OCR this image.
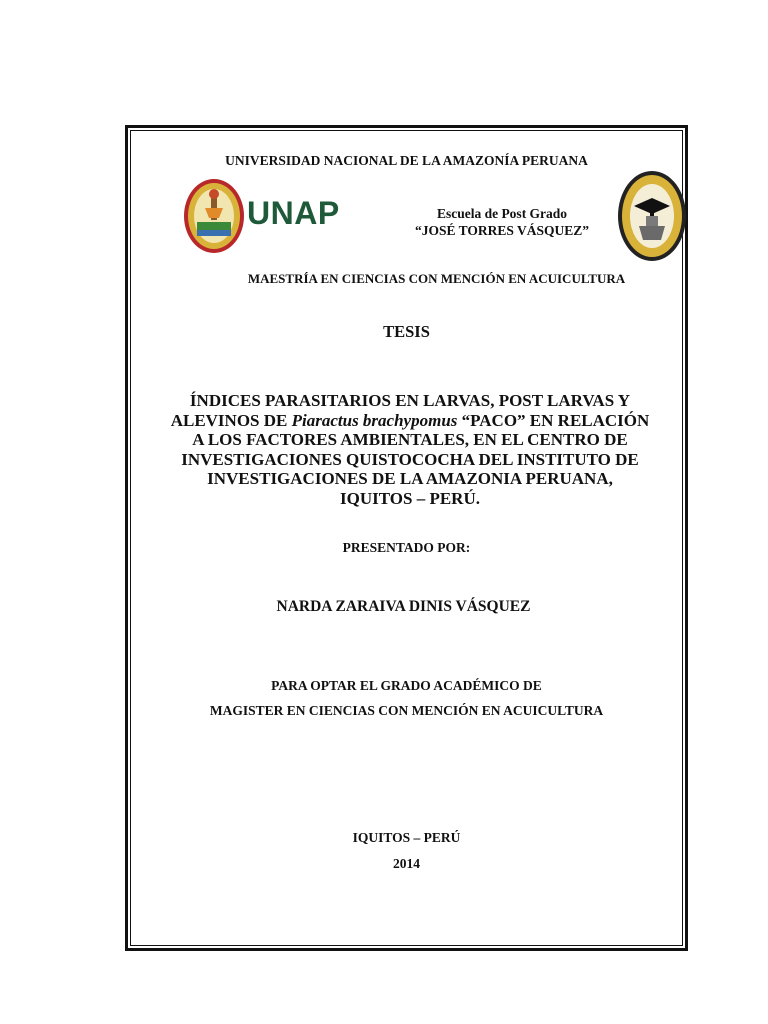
UNIVERSIDAD NACIONAL DE LA AMAZONÍA PERUANA
UNAP	Escuela de Post Grado
“JOSÉ TORRES VÁSQUEZ”
MAESTRÍA EN CIENCIAS CON MENCIÓN EN ACUICULTURA
TESIS
ÍNDICES PARASITARIOS EN LARVAS, POST LARVAS Y
ALEVINOS DE Piaractus brachypomus “PACO” EN RELACIÓN
A LOS FACTORES AMBIENTALES, EN EL CENTRO DE
INVESTIGACIONES QUISTOCOCHA DEL INSTITUTO DE
INVESTIGACIONES DE LA AMAZONIA PERUANA,
IQUITOS – PERÚ.
PRESENTADO POR:
NARDA ZARAIVA DINIS VÁSQUEZ
PARA OPTAR EL GRADO ACADÉMICO DE
MAGISTER EN CIENCIAS CON MENCIÓN EN ACUICULTURA
IQUITOS – PERÚ
2014
